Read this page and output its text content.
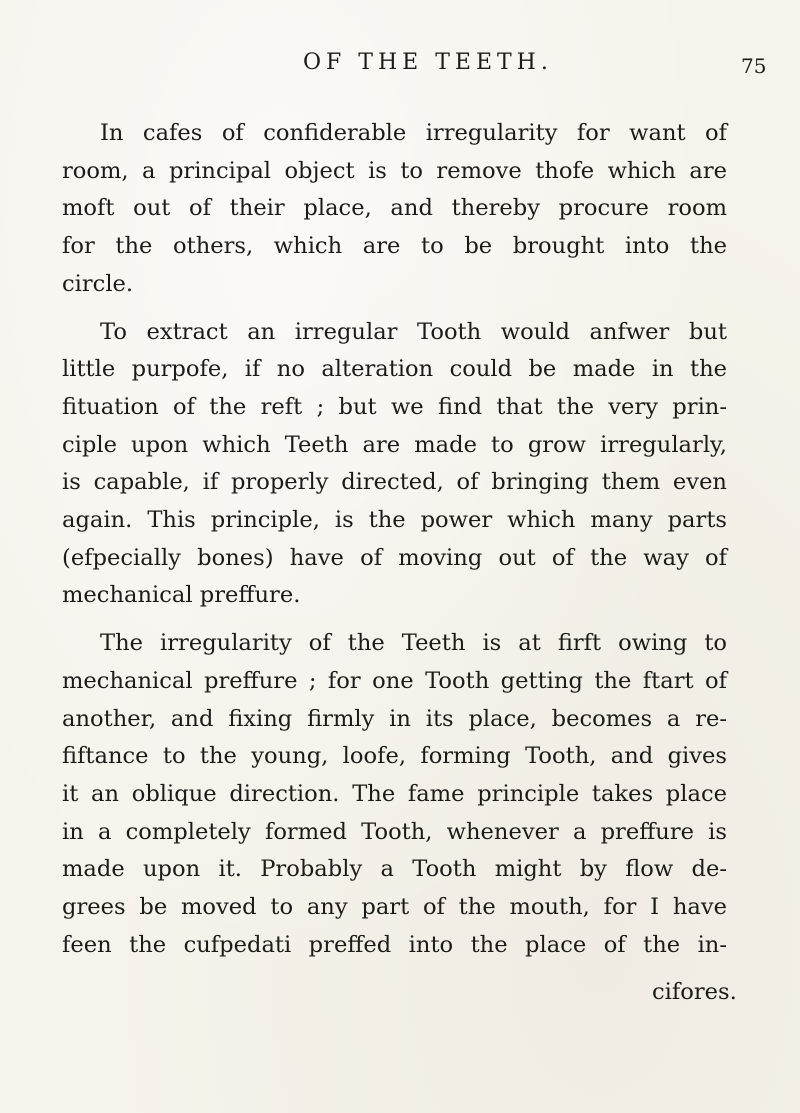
OF THE TEETH.	75

In cafes of confiderable irregularity for want of
room, a principal object is to remove thofe which are
moft out of their place, and thereby procure room
for the others, which are to be brought into the
circle.

To extract an irregular Tooth would anfwer but
little purpofe, if no alteration could be made in the
fituation of the reft ; but we find that the very prin-
ciple upon which Teeth are made to grow irregularly,
is capable, if properly directed, of bringing them even
again. This principle, is the power which many parts
(efpecially bones) have of moving out of the way of
mechanical preffure.

The irregularity of the Teeth is at firft owing to
mechanical preffure ; for one Tooth getting the ftart of
another, and fixing firmly in its place, becomes a re-
fiftance to the young, loofe, forming Tooth, and gives
it an oblique direction. The fame principle takes place
in a completely formed Tooth, whenever a preffure is
made upon it. Probably a Tooth might by flow de-
grees be moved to any part of the mouth, for I have
feen the cufpedati preffed into the place of the in-

cifores.
